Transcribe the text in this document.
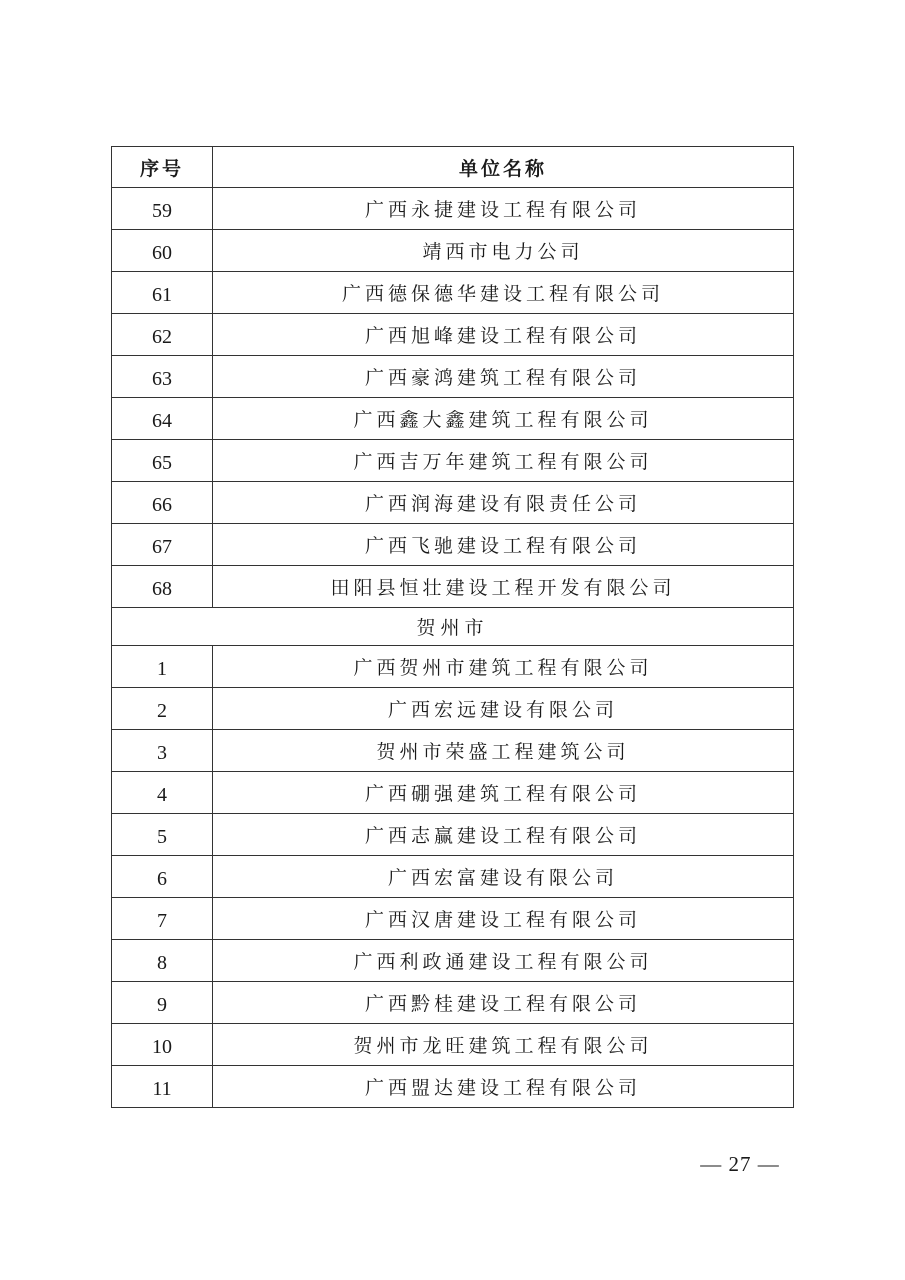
序号	单位名称
59	广西永捷建设工程有限公司
60	靖西市电力公司
61	广西德保德华建设工程有限公司
62	广西旭峰建设工程有限公司
63	广西豪鸿建筑工程有限公司
64	广西鑫大鑫建筑工程有限公司
65	广西吉万年建筑工程有限公司
66	广西润海建设有限责任公司
67	广西飞驰建设工程有限公司
68	田阳县恒壮建设工程开发有限公司
贺州市	
1	广西贺州市建筑工程有限公司
2	广西宏远建设有限公司
3	贺州市荣盛工程建筑公司
4	广西硼强建筑工程有限公司
5	广西志赢建设工程有限公司
6	广西宏富建设有限公司
7	广西汉唐建设工程有限公司
8	广西利政通建设工程有限公司
9	广西黔桂建设工程有限公司
10	贺州市龙旺建筑工程有限公司
11	广西盟达建设工程有限公司
— 27 —
